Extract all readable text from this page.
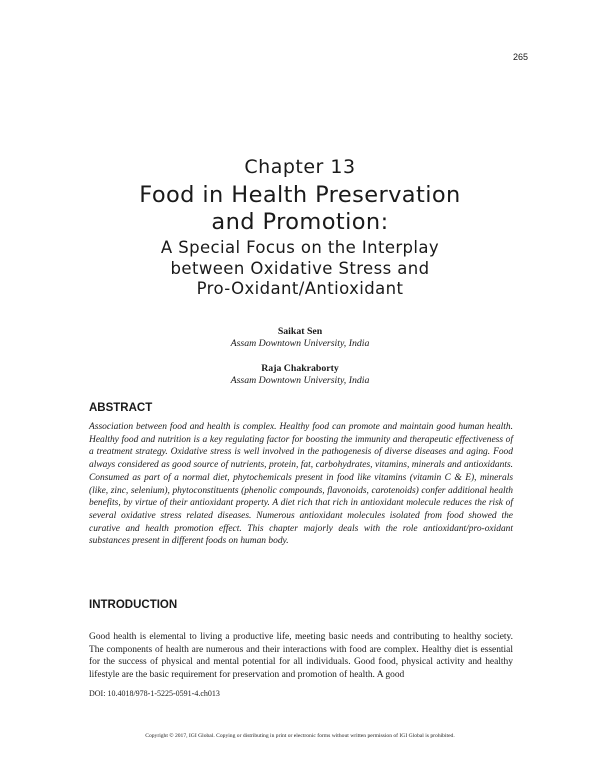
265
Chapter 13
Food in Health Preservation
and Promotion:
A Special Focus on the Interplay
between Oxidative Stress and
Pro-Oxidant/Antioxidant
Saikat Sen
Assam Downtown University, India
Raja Chakraborty
Assam Downtown University, India
ABSTRACT

Association between food and health is complex. Healthy food can promote and maintain good human health. Healthy food and nutrition is a key regulating factor for boosting the immunity and therapeutic effectiveness of a treatment strategy. Oxidative stress is well involved in the pathogenesis of diverse diseases and aging. Food always considered as good source of nutrients, protein, fat, carbohydrates, vitamins, minerals and antioxidants. Consumed as part of a normal diet, phytochemicals present in food like vitamins (vitamin C & E), minerals (like, zinc, selenium), phytoconstituents (phenolic compounds, flavonoids, carotenoids) confer additional health benefits, by virtue of their antioxidant property. A diet rich that rich in antioxidant molecule reduces the risk of several oxidative stress related diseases. Numerous antioxidant molecules isolated from food showed the curative and health promotion effect. This chapter majorly deals with the role antioxidant/pro-oxidant substances present in different foods on human body.

INTRODUCTION

Good health is elemental to living a productive life, meeting basic needs and contributing to healthy society. The components of health are numerous and their interactions with food are complex. Healthy diet is essential for the success of physical and mental potential for all individuals. Good food, physical activity and healthy lifestyle are the basic requirement for preservation and promotion of health. A good

DOI: 10.4018/978-1-5225-0591-4.ch013
Copyright © 2017, IGI Global. Copying or distributing in print or electronic forms without written permission of IGI Global is prohibited.
